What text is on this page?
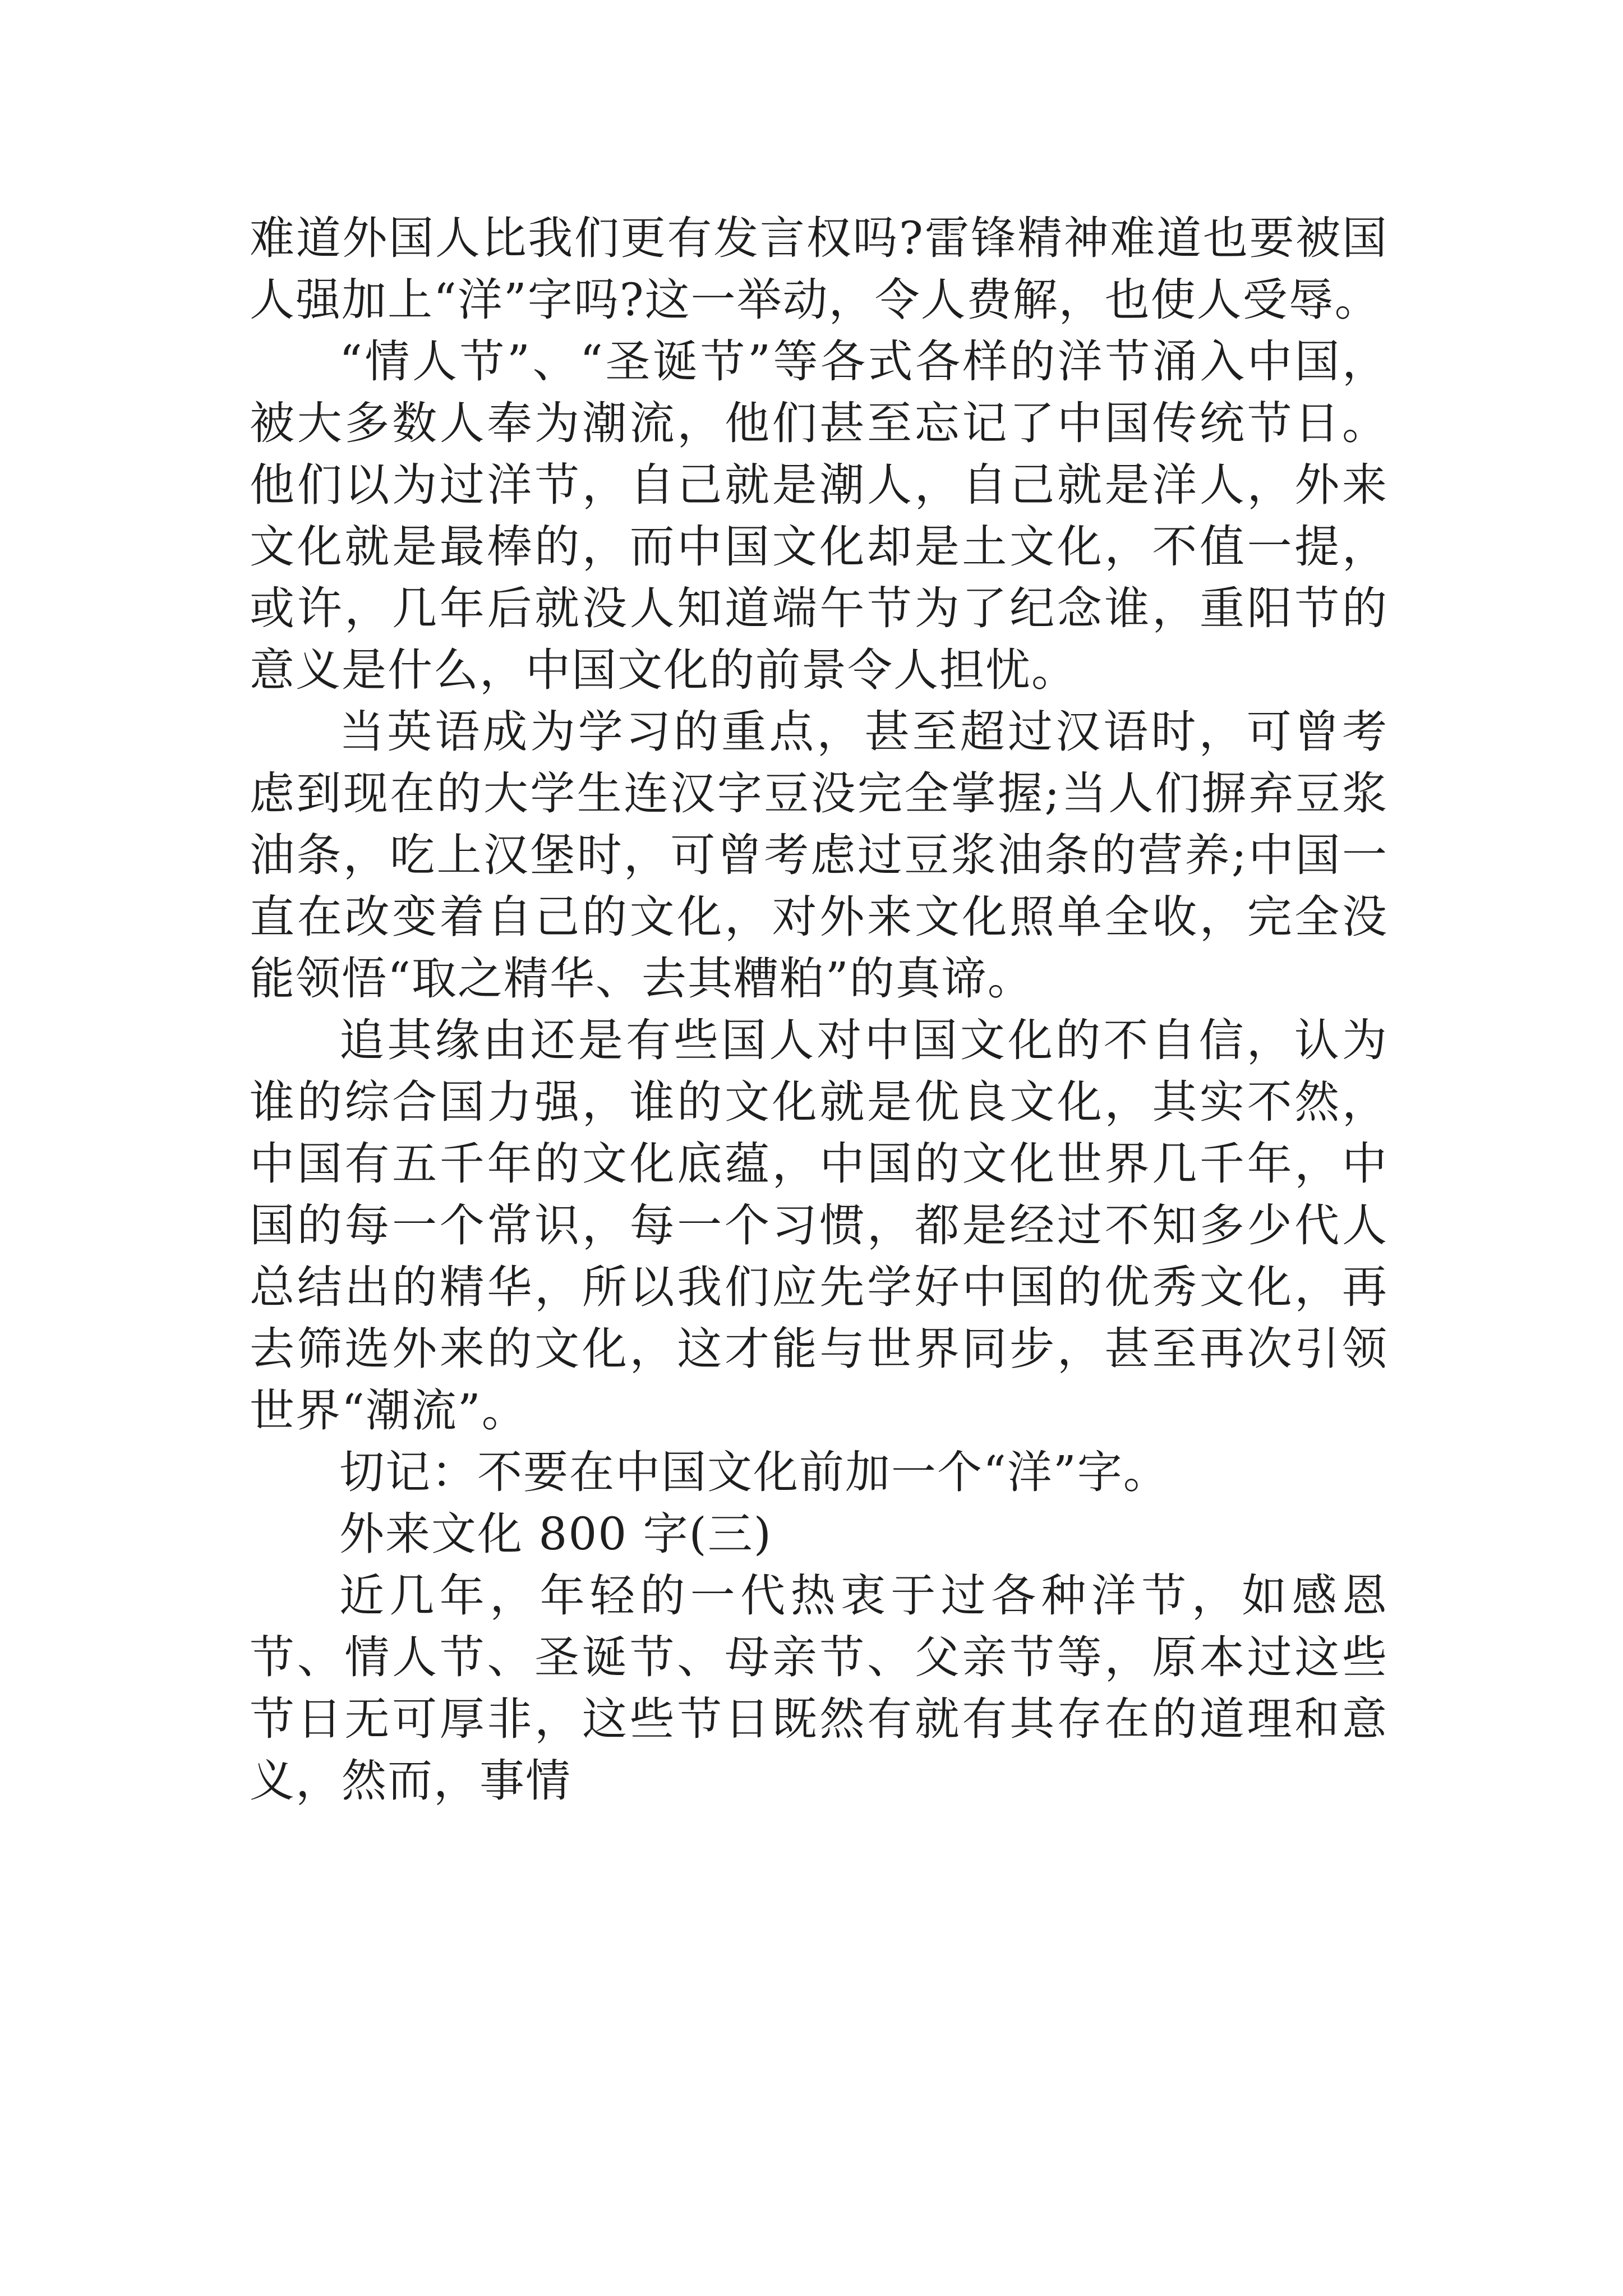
难道外国人比我们更有发言权吗?雷锋精神难道也要被国人强加上“洋”字吗?这一举动，令人费解，也使人受辱。

“情人节”、“圣诞节”等各式各样的洋节涌入中国，被大多数人奉为潮流，他们甚至忘记了中国传统节日。他们以为过洋节，自己就是潮人，自己就是洋人，外来文化就是最棒的，而中国文化却是土文化，不值一提，或许，几年后就没人知道端午节为了纪念谁，重阳节的意义是什么，中国文化的前景令人担忧。

当英语成为学习的重点，甚至超过汉语时，可曾考虑到现在的大学生连汉字豆没完全掌握;当人们摒弃豆浆油条，吃上汉堡时，可曾考虑过豆浆油条的营养;中国一直在改变着自己的文化，对外来文化照单全收，完全没能领悟“取之精华、去其糟粕”的真谛。

追其缘由还是有些国人对中国文化的不自信，认为谁的综合国力强，谁的文化就是优良文化，其实不然，中国有五千年的文化底蕴，中国的文化世界几千年，中国的每一个常识，每一个习惯，都是经过不知多少代人总结出的精华，所以我们应先学好中国的优秀文化，再去筛选外来的文化，这才能与世界同步，甚至再次引领世界“潮流”。

切记：不要在中国文化前加一个“洋”字。

外来文化 800 字(三)

近几年，年轻的一代热衷于过各种洋节，如感恩节、情人节、圣诞节、母亲节、父亲节等，原本过这些节日无可厚非，这些节日既然有就有其存在的道理和意义，然而，事情
